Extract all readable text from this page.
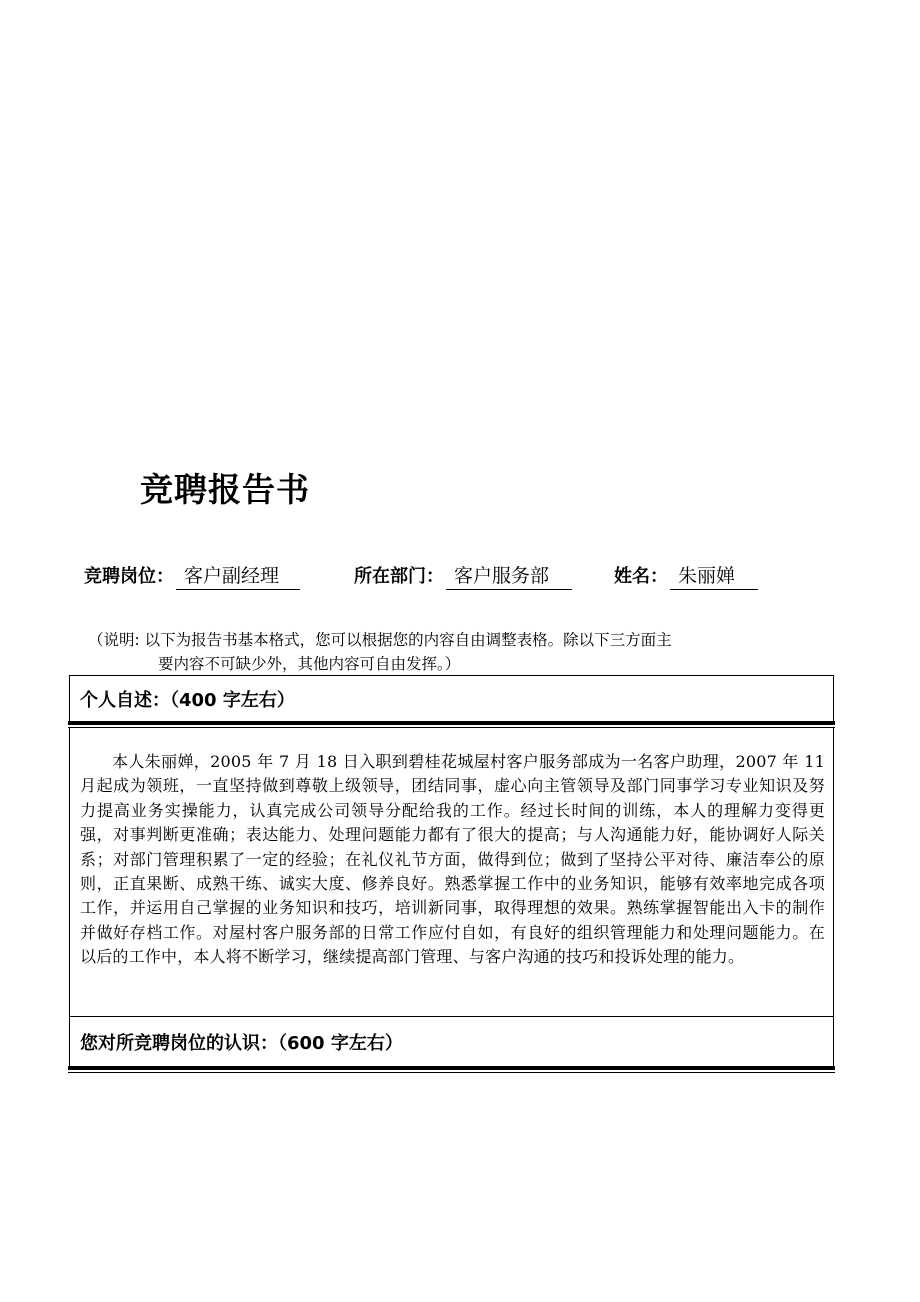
竞聘报告书
竞聘岗位： 客户副经理	所在部门： 客户服务部	姓名： 朱丽婵

（说明: 以下为报告书基本格式，您可以根据您的内容自由调整表格。除以下三方面主
要内容不可缺少外，其他内容可自由发挥。）

个人自述：（400 字左右）

本人朱丽婵，2005 年 7 月 18 日入职到碧桂花城屋村客户服务部成为一名客户助理，2007 年 11 月起成为领班，一直坚持做到尊敬上级领导，团结同事，虚心向主管领导及部门同事学习专业知识及努力提高业务实操能力，认真完成公司领导分配给我的工作。经过长时间的训练，本人的理解力变得更强，对事判断更准确；表达能力、处理问题能力都有了很大的提高；与人沟通能力好，能协调好人际关系；对部门管理积累了一定的经验；在礼仪礼节方面，做得到位；做到了坚持公平对待、廉洁奉公的原则，正直果断、成熟干练、诚实大度、修养良好。熟悉掌握工作中的业务知识，能够有效率地完成各项工作，并运用自己掌握的业务知识和技巧，培训新同事，取得理想的效果。熟练掌握智能出入卡的制作并做好存档工作。对屋村客户服务部的日常工作应付自如，有良好的组织管理能力和处理问题能力。在以后的工作中，本人将不断学习，继续提高部门管理、与客户沟通的技巧和投诉处理的能力。

您对所竞聘岗位的认识：（600 字左右）
